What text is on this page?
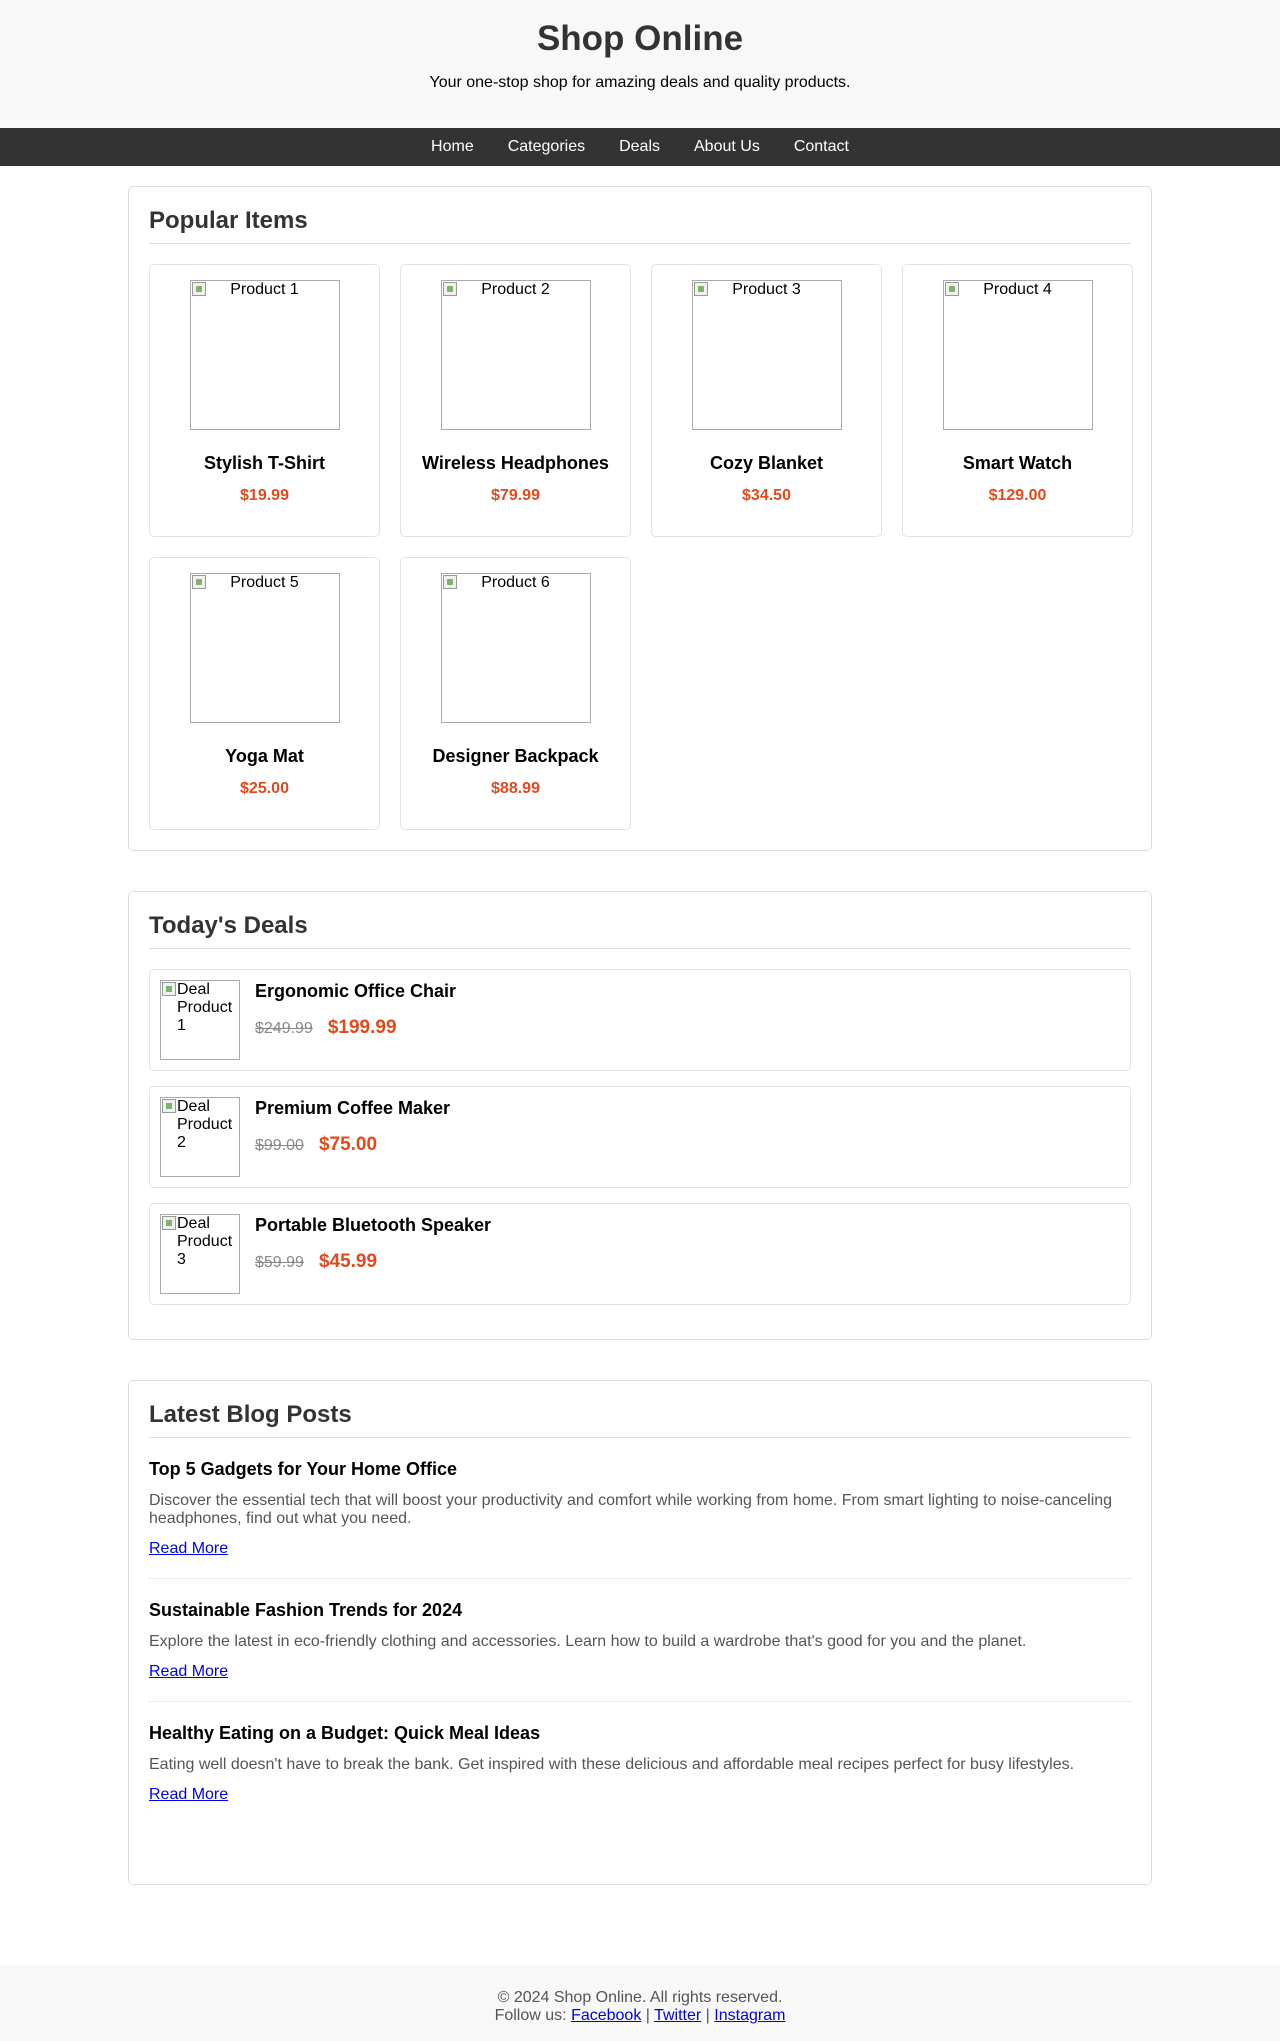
Shop Online

Your one-stop shop for amazing deals and quality products.

Home	Categories	Deals	About Us	Contact
Popular Items
Product 1
Stylish T-Shirt
$19.99
Product 2
Wireless Headphones
$79.99
Product 3
Cozy Blanket
$34.50
Product 4
Smart Watch
$129.00
Product 5
Yoga Mat
$25.00
Product 6
Designer Backpack
$88.99
Today's Deals
Deal Product 1
Ergonomic Office Chair
$249.99 $199.99
Deal Product 2
Premium Coffee Maker
$99.00 $75.00
Deal Product 3
Portable Bluetooth Speaker
$59.99 $45.99
Latest Blog Posts
Top 5 Gadgets for Your Home Office

Discover the essential tech that will boost your productivity and comfort while working from home. From smart lighting to noise-canceling headphones, find out what you need.

Read More
Sustainable Fashion Trends for 2024

Explore the latest in eco-friendly clothing and accessories. Learn how to build a wardrobe that's good for you and the planet.

Read More
Healthy Eating on a Budget: Quick Meal Ideas

Eating well doesn't have to break the bank. Get inspired with these delicious and affordable meal recipes perfect for busy lifestyles.

Read More
© 2024 Shop Online. All rights reserved.
Follow us: Facebook | Twitter | Instagram
